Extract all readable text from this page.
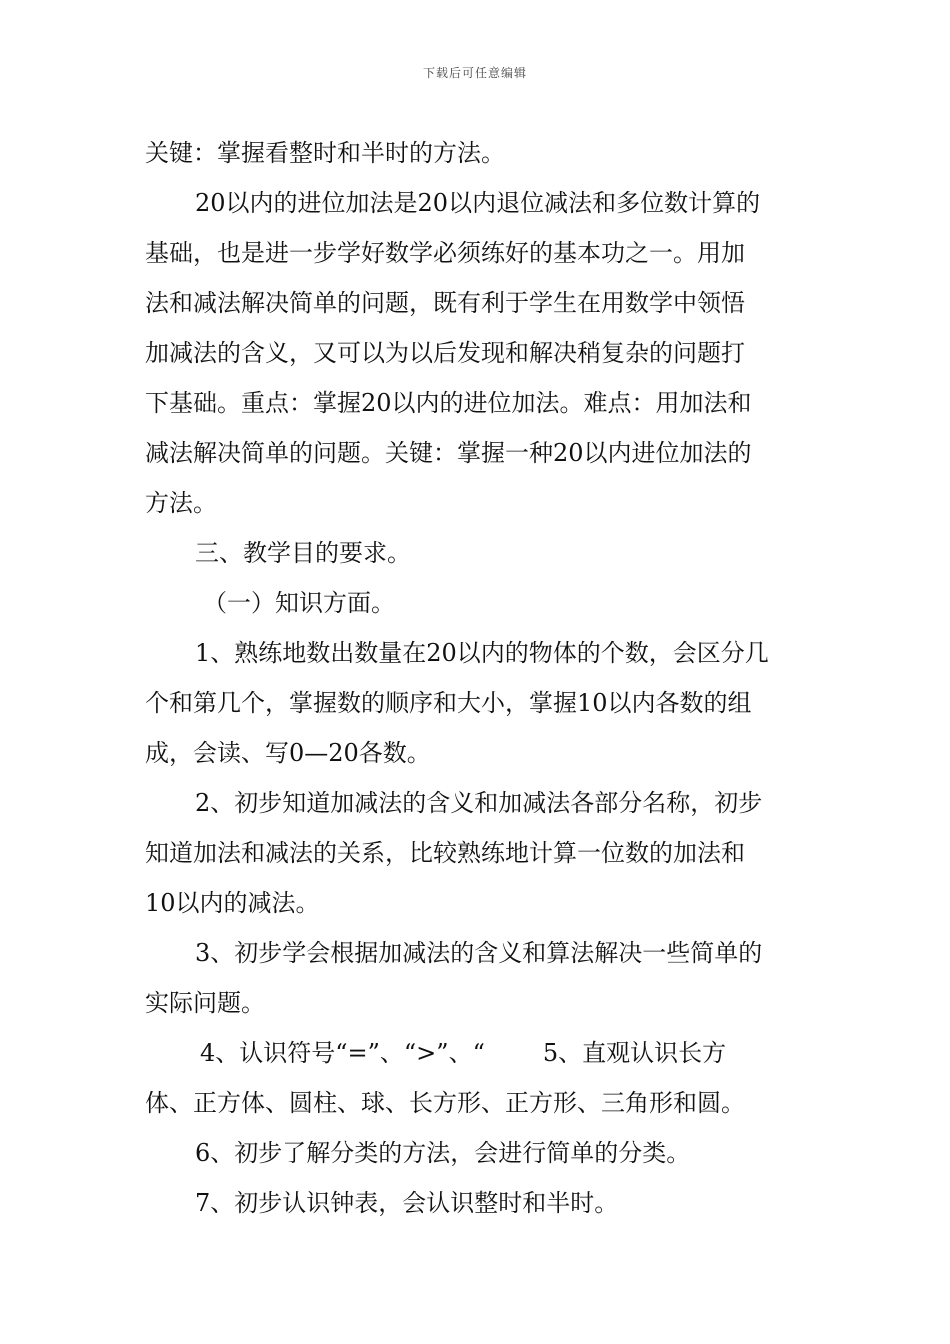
下载后可任意编辑
关键：掌握看整时和半时的方法。
20以内的进位加法是20以内退位减法和多位数计算的
基础，也是进一步学好数学必须练好的基本功之一。用加
法和减法解决简单的问题，既有利于学生在用数学中领悟
加减法的含义，又可以为以后发现和解决稍复杂的问题打
下基础。重点：掌握20以内的进位加法。难点：用加法和
减法解决简单的问题。关键：掌握一种20以内进位加法的
方法。
三、教学目的要求。
（一）知识方面。
1、熟练地数出数量在20以内的物体的个数，会区分几
个和第几个，掌握数的顺序和大小，掌握10以内各数的组
成，会读、写0—20各数。
2、初步知道加减法的含义和加减法各部分名称，初步
知道加法和减法的关系，比较熟练地计算一位数的加法和
10以内的减法。
3、初步学会根据加减法的含义和算法解决一些简单的
实际问题。
4、认识符号“=”、“>”、“ 5、直观认识长方
体、正方体、圆柱、球、长方形、正方形、三角形和圆。
6、初步了解分类的方法，会进行简单的分类。
7、初步认识钟表，会认识整时和半时。
